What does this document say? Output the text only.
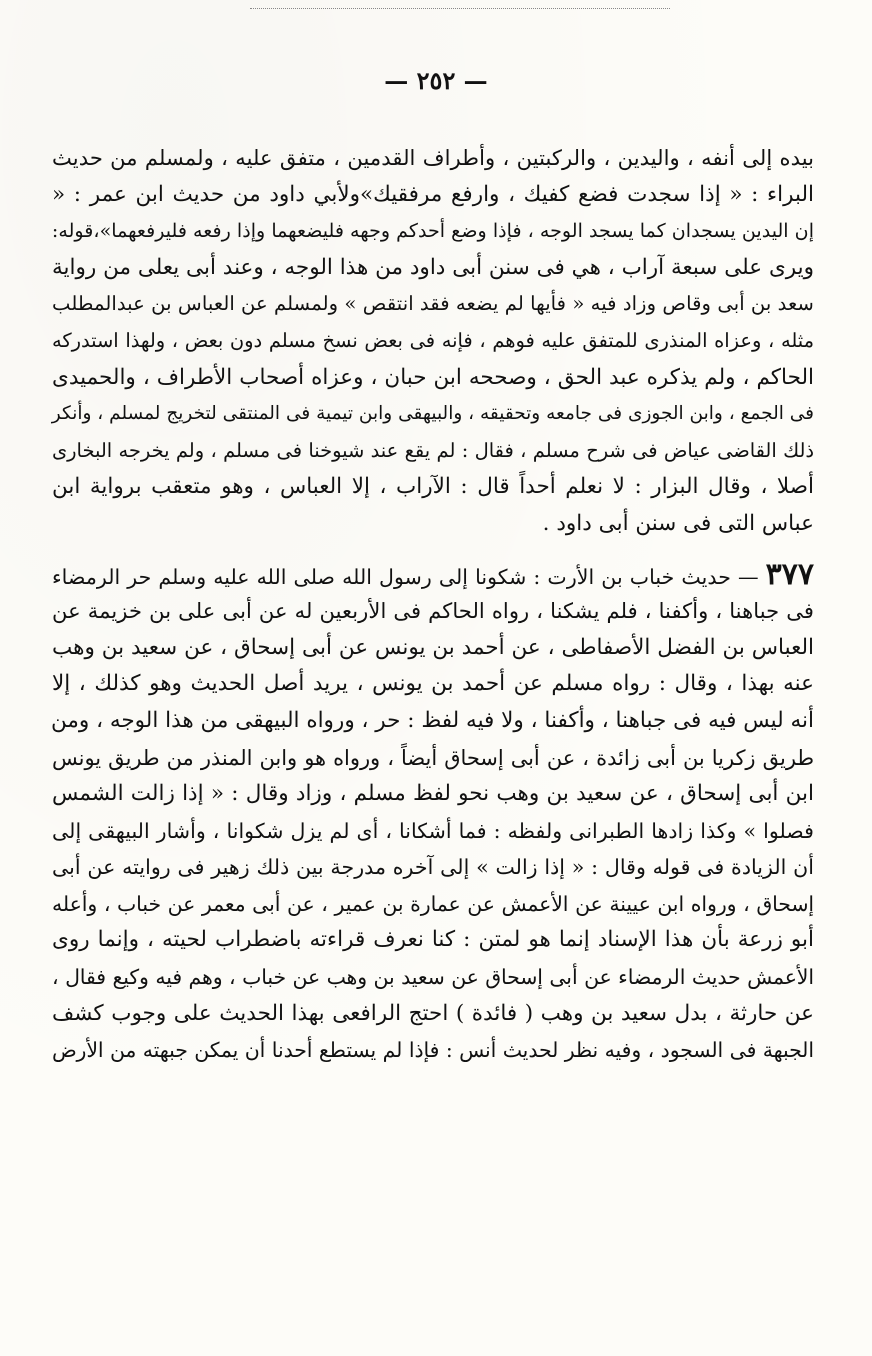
— ٢٥٢ —
بيده إلى أنفه ، واليدين ، والركبتين ، وأطراف القدمين ، متفق عليه ، ولمسلم من حديث
البراء : « إذا سجدت فضع كفيك ، وارفع مرفقيك»ولأبي داود من حديث ابن عمر : «
إن اليدين يسجدان كما يسجد الوجه ، فإذا وضع أحدكم وجهه فليضعهما وإذا رفعه فليرفعهما»،قوله:
ويرى على سبعة آراب ، هي فى سنن أبى داود من هذا الوجه ، وعند أبى يعلى من رواية
سعد بن أبى وقاص وزاد فيه « فأيها لم يضعه فقد انتقص » ولمسلم عن العباس بن عبدالمطلب
مثله ، وعزاه المنذرى للمتفق عليه فوهم ، فإنه فى بعض نسخ مسلم دون بعض ، ولهذا استدركه
الحاكم ، ولم يذكره عبد الحق ، وصححه ابن حبان ، وعزاه أصحاب الأطراف ، والحميدى
فى الجمع ، وابن الجوزى فى جامعه وتحقيقه ، والبيهقى وابن تيمية فى المنتقى لتخريج لمسلم ، وأنكر
ذلك القاضى عياض فى شرح مسلم ، فقال : لم يقع عند شيوخنا فى مسلم ، ولم يخرجه البخارى
أصلا ، وقال البزار : لا نعلم أحداً قال : الآراب ، إلا العباس ، وهو متعقب برواية ابن
عباس التى فى سنن أبى داود .
٣٧٧ — حديث خباب بن الأرت : شكونا إلى رسول الله صلى الله عليه وسلم حر الرمضاء
فى جباهنا ، وأكفنا ، فلم يشكنا ، رواه الحاكم فى الأربعين له عن أبى على بن خزيمة عن
العباس بن الفضل الأصفاطى ، عن أحمد بن يونس عن أبى إسحاق ، عن سعيد بن وهب
عنه بهذا ، وقال : رواه مسلم عن أحمد بن يونس ، يريد أصل الحديث وهو كذلك ، إلا
أنه ليس فيه فى جباهنا ، وأكفنا ، ولا فيه لفظ : حر ، ورواه البيهقى من هذا الوجه ، ومن
طريق زكريا بن أبى زائدة ، عن أبى إسحاق أيضاً ، ورواه هو وابن المنذر من طريق يونس
ابن أبى إسحاق ، عن سعيد بن وهب نحو لفظ مسلم ، وزاد وقال : « إذا زالت الشمس
فصلوا » وكذا زادها الطبرانى ولفظه : فما أشكانا ، أى لم يزل شكوانا ، وأشار البيهقى إلى
أن الزيادة فى قوله وقال : « إذا زالت » إلى آخره مدرجة بين ذلك زهير فى روايته عن أبى
إسحاق ، ورواه ابن عيينة عن الأعمش عن عمارة بن عمير ، عن أبى معمر عن خباب ، وأعله
أبو زرعة بأن هذا الإسناد إنما هو لمتن : كنا نعرف قراءته باضطراب لحيته ، وإنما روى
الأعمش حديث الرمضاء عن أبى إسحاق عن سعيد بن وهب عن خباب ، وهم فيه وكيع فقال ،
عن حارثة ، بدل سعيد بن وهب ( فائدة ) احتج الرافعى بهذا الحديث على وجوب كشف
الجبهة فى السجود ، وفيه نظر لحديث أنس : فإذا لم يستطع أحدنا أن يمكن جبهته من الأرض
